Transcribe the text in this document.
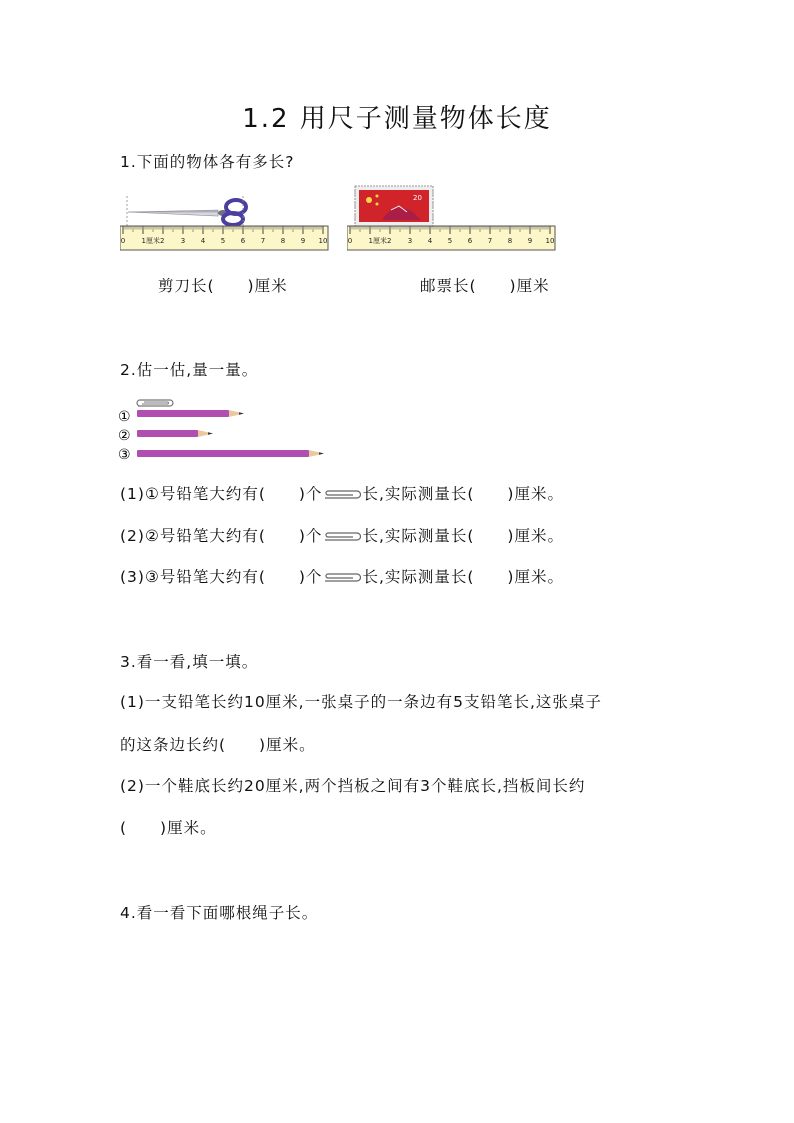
1.2 用尺子测量物体长度
1.下面的物体各有多长?
0 1厘米2 3 4 5 6 7 8 9 10
20
0 1厘米2 3 4 5 6 7 8 9 10
剪刀长(　　)厘米	邮票长(　　)厘米
2.估一估,量一量。
①
②
③
(1)①号铅笔大约有(　　)个	长,实际测量长(　　)厘米。
(2)②号铅笔大约有(　　)个	长,实际测量长(　　)厘米。
(3)③号铅笔大约有(　　)个	长,实际测量长(　　)厘米。
3.看一看,填一填。
(1)一支铅笔长约10厘米,一张桌子的一条边有5支铅笔长,这张桌子
的这条边长约(　　)厘米。
(2)一个鞋底长约20厘米,两个挡板之间有3个鞋底长,挡板间长约
(　　)厘米。
4.看一看下面哪根绳子长。
